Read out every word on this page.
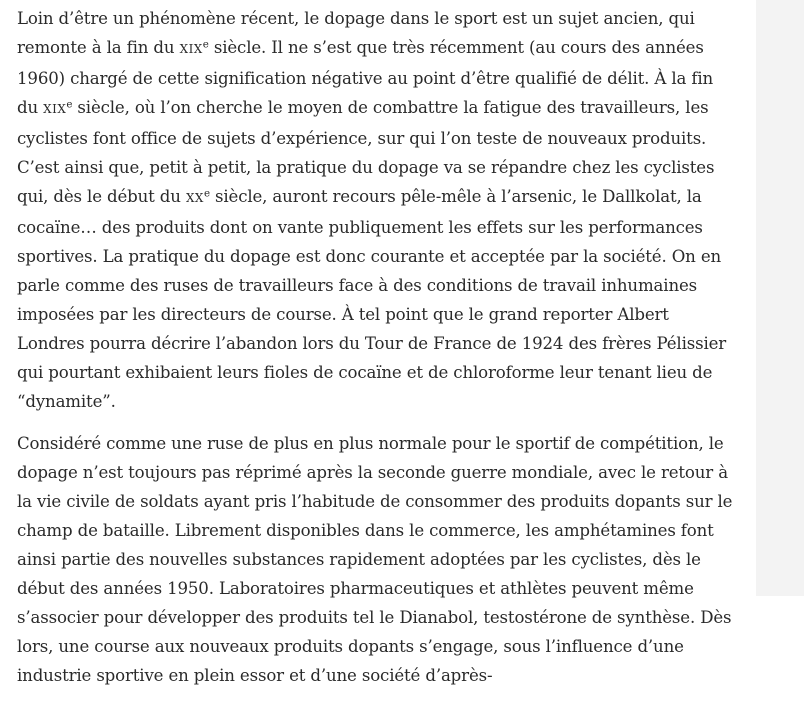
Loin d’être un phénomène récent, le dopage dans le sport est un sujet ancien, qui remonte à la fin du XIXe siècle. Il ne s’est que très récemment (au cours des années 1960) chargé de cette signification négative au point d’être qualifié de délit. À la fin du XIXe siècle, où l’on cherche le moyen de combattre la fatigue des travailleurs, les cyclistes font office de sujets d’expérience, sur qui l’on teste de nouveaux produits. C’est ainsi que, petit à petit, la pratique du dopage va se répandre chez les cyclistes qui, dès le début du XXe siècle, auront recours pêle-mêle à l’arsenic, le Dallkolat, la cocaïne… des produits dont on vante publiquement les effets sur les performances sportives. La pratique du dopage est donc courante et acceptée par la société. On en parle comme des ruses de travailleurs face à des conditions de travail inhumaines imposées par les directeurs de course. À tel point que le grand reporter Albert Londres pourra décrire l’abandon lors du Tour de France de 1924 des frères Pélissier qui pourtant exhibaient leurs fioles de cocaïne et de chloroforme leur tenant lieu de “dynamite”.

Considéré comme une ruse de plus en plus normale pour le sportif de compétition, le dopage n’est toujours pas réprimé après la seconde guerre mondiale, avec le retour à la vie civile de soldats ayant pris l’habitude de consommer des produits dopants sur le champ de bataille. Librement disponibles dans le commerce, les amphétamines font ainsi partie des nouvelles substances rapidement adoptées par les cyclistes, dès le début des années 1950. Laboratoires pharmaceutiques et athlètes peuvent même s’associer pour développer des produits tel le Dianabol, testostérone de synthèse. Dès lors, une course aux nouveaux produits dopants s’engage, sous l’influence d’une industrie sportive en plein essor et d’une société d’après-
